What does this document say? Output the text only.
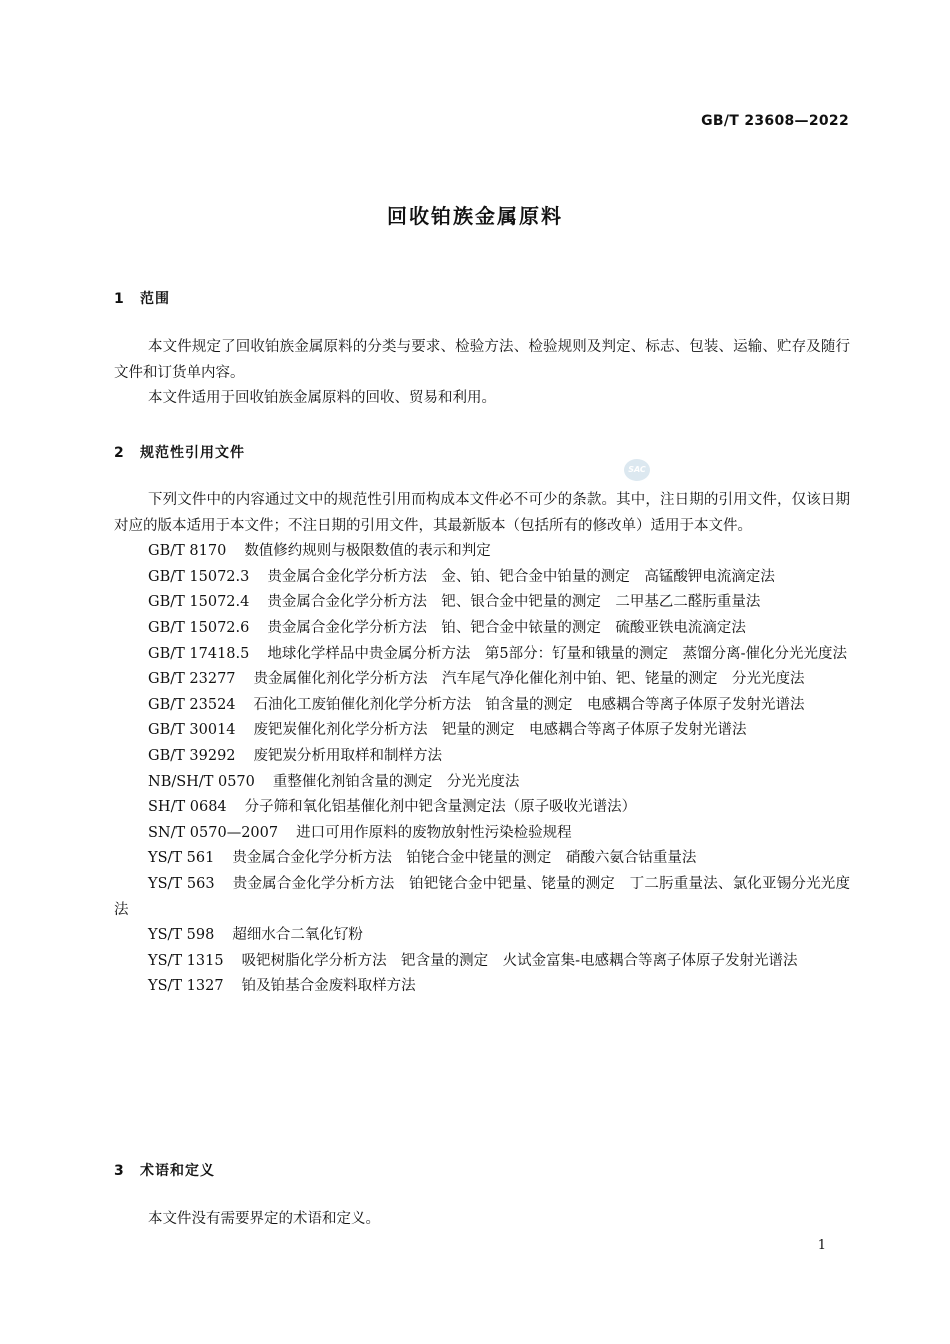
GB/T 23608—2022
回收铂族金属原料
1 范围

本文件规定了回收铂族金属原料的分类与要求、检验方法、检验规则及判定、标志、包装、运输、贮存及随行文件和订货单内容。

本文件适用于回收铂族金属原料的回收、贸易和利用。

2 规范性引用文件
SAC

下列文件中的内容通过文中的规范性引用而构成本文件必不可少的条款。其中，注日期的引用文件，仅该日期对应的版本适用于本文件；不注日期的引用文件，其最新版本（包括所有的修改单）适用于本文件。

GB/T 8170 数值修约规则与极限数值的表示和判定

GB/T 15072.3 贵金属合金化学分析方法　金、铂、钯合金中铂量的测定　高锰酸钾电流滴定法

GB/T 15072.4 贵金属合金化学分析方法　钯、银合金中钯量的测定　二甲基乙二醛肟重量法

GB/T 15072.6 贵金属合金化学分析方法　铂、钯合金中铱量的测定　硫酸亚铁电流滴定法

GB/T 17418.5 地球化学样品中贵金属分析方法　第5部分：钌量和锇量的测定　蒸馏分离-催化分光光度法

GB/T 23277 贵金属催化剂化学分析方法　汽车尾气净化催化剂中铂、钯、铑量的测定　分光光度法

GB/T 23524 石油化工废铂催化剂化学分析方法　铂含量的测定　电感耦合等离子体原子发射光谱法

GB/T 30014 废钯炭催化剂化学分析方法　钯量的测定　电感耦合等离子体原子发射光谱法

GB/T 39292 废钯炭分析用取样和制样方法

NB/SH/T 0570 重整催化剂铂含量的测定　分光光度法

SH/T 0684 分子筛和氧化铝基催化剂中钯含量测定法（原子吸收光谱法）

SN/T 0570—2007 进口可用作原料的废物放射性污染检验规程

YS/T 561 贵金属合金化学分析方法　铂铑合金中铑量的测定　硝酸六氨合钴重量法

YS/T 563 贵金属合金化学分析方法　铂钯铑合金中钯量、铑量的测定　丁二肟重量法、氯化亚锡分光光度法

YS/T 598 超细水合二氧化钌粉

YS/T 1315 吸钯树脂化学分析方法　钯含量的测定　火试金富集-电感耦合等离子体原子发射光谱法

YS/T 1327 铂及铂基合金废料取样方法

3 术语和定义

本文件没有需要界定的术语和定义。

1
